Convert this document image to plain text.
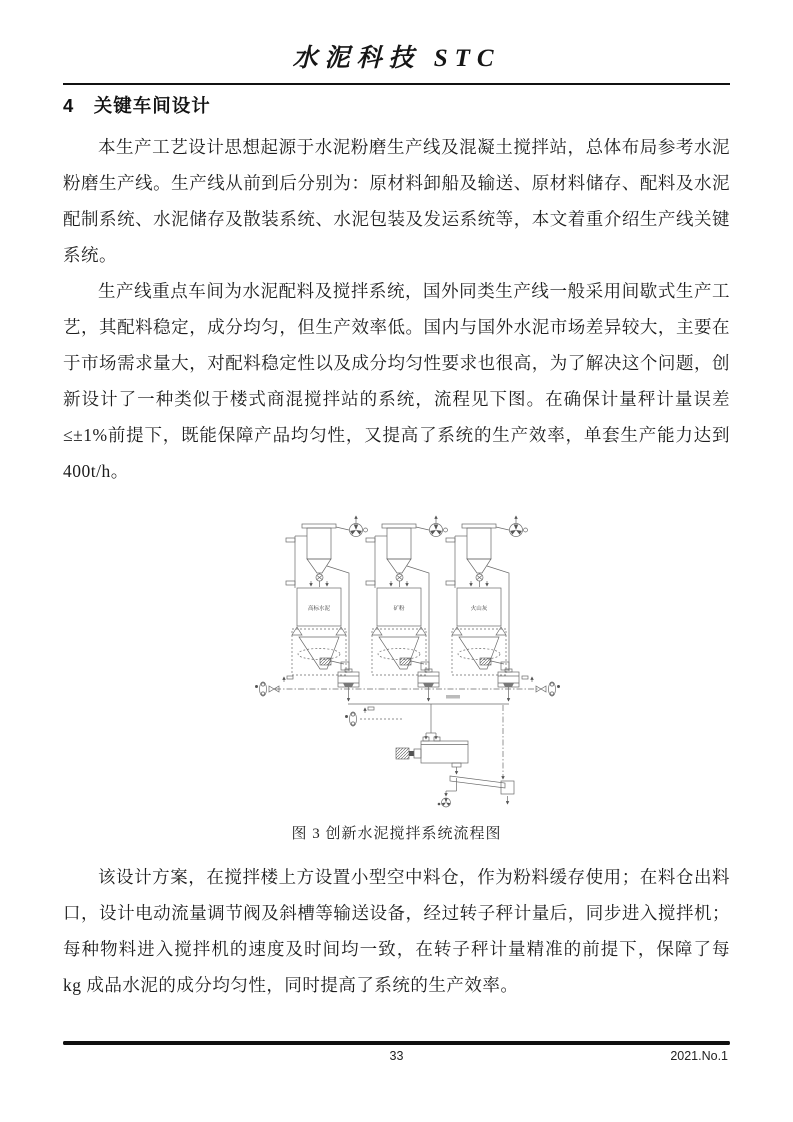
水泥科技 STC
4　关键车间设计

本生产工艺设计思想起源于水泥粉磨生产线及混凝土搅拌站，总体布局参考水泥粉磨生产线。生产线从前到后分别为：原材料卸船及输送、原材料储存、配料及水泥配制系统、水泥储存及散装系统、水泥包装及发运系统等，本文着重介绍生产线关键系统。

生产线重点车间为水泥配料及搅拌系统，国外同类生产线一般采用间歇式生产工艺，其配料稳定，成分均匀，但生产效率低。国内与国外水泥市场差异较大，主要在于市场需求量大，对配料稳定性以及成分均匀性要求也很高，为了解决这个问题，创新设计了一种类似于楼式商混搅拌站的系统，流程见下图。在确保计量秤计量误差≤±1%前提下，既能保障产品均匀性，又提高了系统的生产效率，单套生产能力达到 400t/h。

高标水泥	矿粉	火山灰
图 3 创新水泥搅拌系统流程图

该设计方案，在搅拌楼上方设置小型空中料仓，作为粉料缓存使用；在料仓出料口，设计电动流量调节阀及斜槽等输送设备，经过转子秤计量后，同步进入搅拌机；每种物料进入搅拌机的速度及时间均一致，在转子秤计量精准的前提下，保障了每 kg 成品水泥的成分均匀性，同时提高了系统的生产效率。

33	2021.No.1
